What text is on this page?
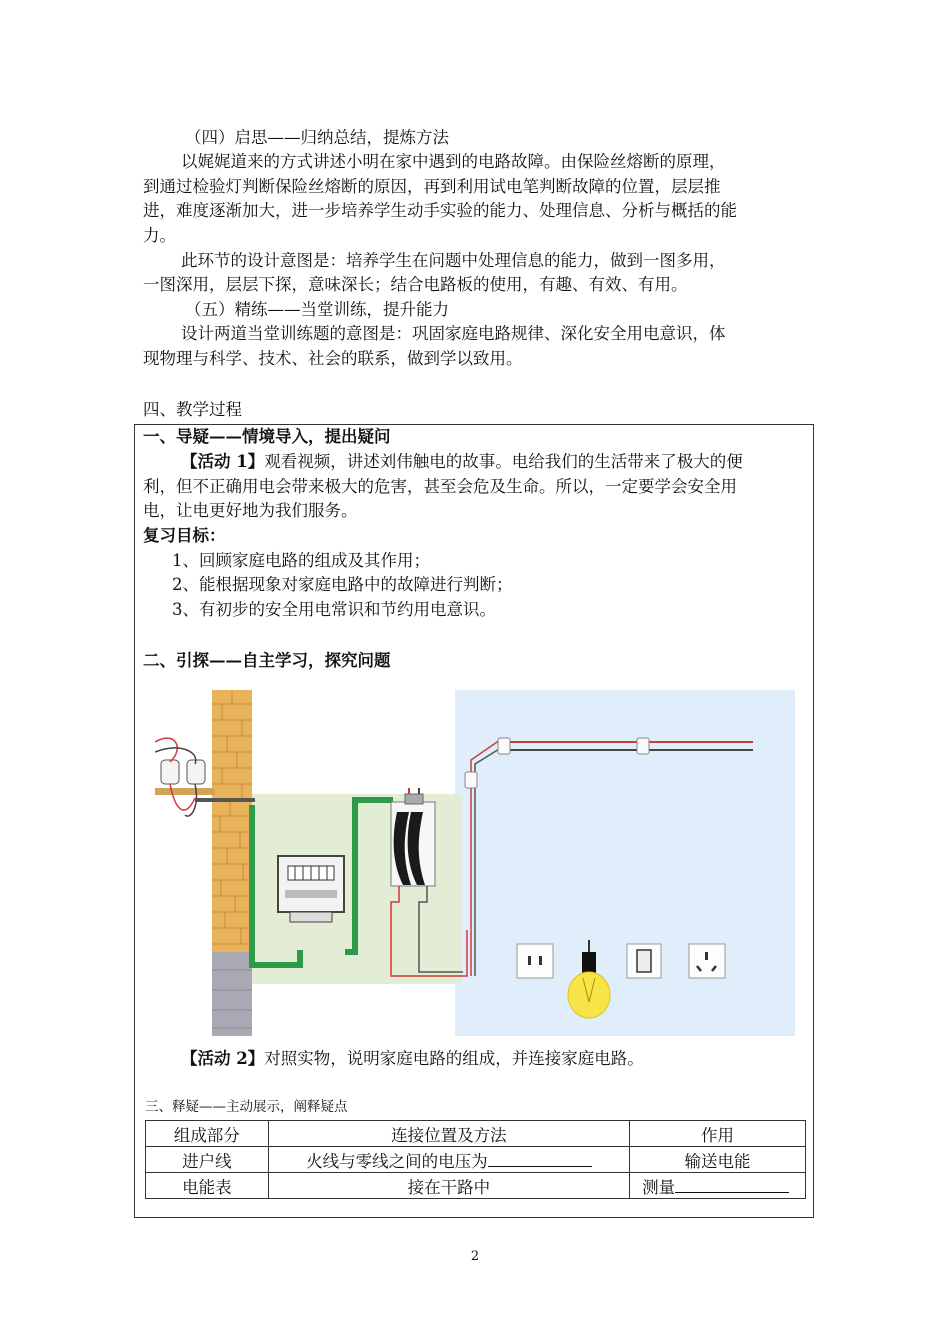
（四）启思——归纳总结，提炼方法

以娓娓道来的方式讲述小明在家中遇到的电路故障。由保险丝熔断的原理，

到通过检验灯判断保险丝熔断的原因，再到利用试电笔判断故障的位置，层层推

进，难度逐渐加大，进一步培养学生动手实验的能力、处理信息、分析与概括的能

力。

此环节的设计意图是：培养学生在问题中处理信息的能力，做到一图多用，

一图深用，层层下探，意味深长；结合电路板的使用，有趣、有效、有用。

（五）精练——当堂训练，提升能力

设计两道当堂训练题的意图是：巩固家庭电路规律、深化安全用电意识，体

现物理与科学、技术、社会的联系，做到学以致用。

四、教学过程

一、导疑——情境导入，提出疑问

【活动 1】观看视频，讲述刘伟触电的故事。电给我们的生活带来了极大的便

利，但不正确用电会带来极大的危害，甚至会危及生命。所以，一定要学会安全用

电，让电更好地为我们服务。

复习目标：

1、回顾家庭电路的组成及其作用；

2、能根据现象对家庭电路中的故障进行判断；

3、有初步的安全用电常识和节约用电意识。

二、引探——自主学习，探究问题

【活动 2】对照实物，说明家庭电路的组成，并连接家庭电路。

三、释疑——主动展示，阐释疑点

组成部分	连接位置及方法	作用
进户线	火线与零线之间的电压为	输送电能
电能表	接在干路中	测量
2
